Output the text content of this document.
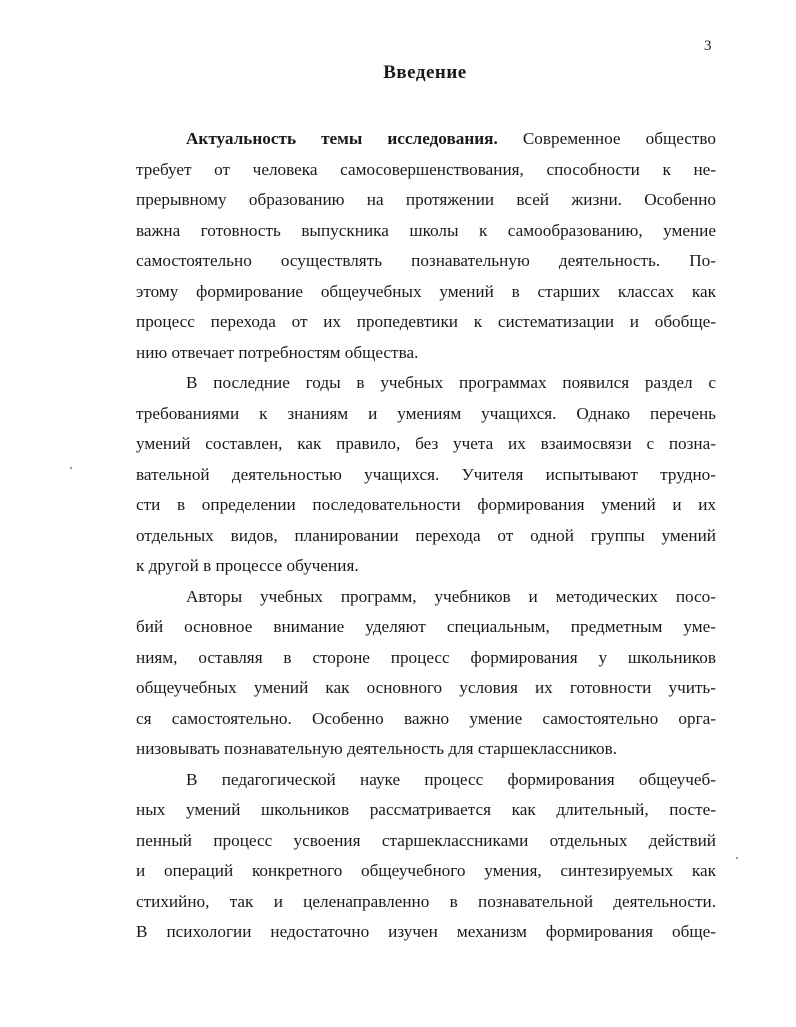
3
Введение
Актуальность темы исследования. Современное общество
требует от человека самосовершенствования, способности к не-
прерывному образованию на протяжении всей жизни. Особенно
важна готовность выпускника школы к самообразованию, умение
самостоятельно осуществлять познавательную деятельность. По-
этому формирование общеучебных умений в старших классах как
процесс перехода от их пропедевтики к систематизации и обобще-
нию отвечает потребностям общества.
В последние годы в учебных программах появился раздел с
требованиями к знаниям и умениям учащихся. Однако перечень
умений составлен, как правило, без учета их взаимосвязи с позна-
вательной деятельностью учащихся. Учителя испытывают трудно-
сти в определении последовательности формирования умений и их
отдельных видов, планировании перехода от одной группы умений
к другой в процессе обучения.
Авторы учебных программ, учебников и методических посо-
бий основное внимание уделяют специальным, предметным уме-
ниям, оставляя в стороне процесс формирования у школьников
общеучебных умений как основного условия их готовности учить-
ся самостоятельно. Особенно важно умение самостоятельно орга-
низовывать познавательную деятельность для старшеклассников.
В педагогической науке процесс формирования общеучеб-
ных умений школьников рассматривается как длительный, посте-
пенный процесс усвоения старшеклассниками отдельных действий
и операций конкретного общеучебного умения, синтезируемых как
стихийно, так и целенаправленно в познавательной деятельности.
В психологии недостаточно изучен механизм формирования обще-
